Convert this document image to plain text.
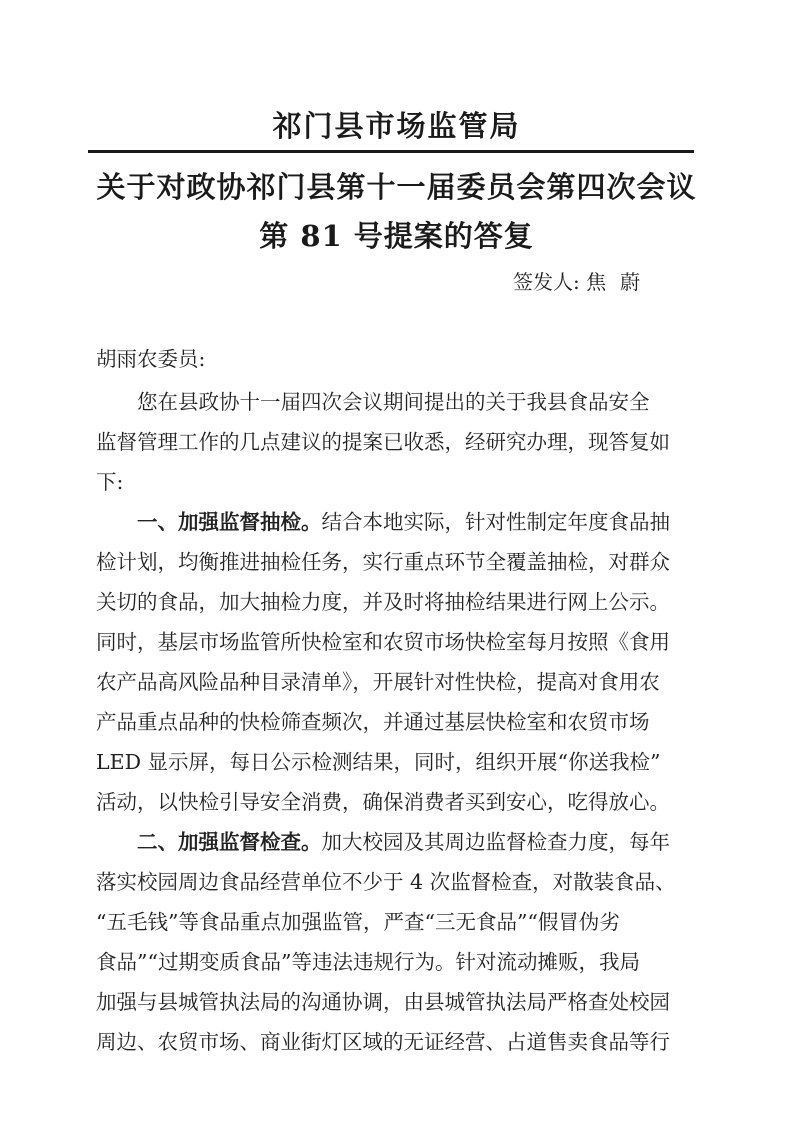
祁门县市场监管局
关于对政协祁门县第十一届委员会第四次会议
第 81 号提案的答复
签发人: 焦蔚
胡雨农委员:
　　您在县政协十一届四次会议期间提出的关于我县食品安全
监督管理工作的几点建议的提案已收悉，经研究办理，现答复如
下:
　　一、加强监督抽检。结合本地实际，针对性制定年度食品抽
检计划，均衡推进抽检任务，实行重点环节全覆盖抽检，对群众
关切的食品，加大抽检力度，并及时将抽检结果进行网上公示。
同时，基层市场监管所快检室和农贸市场快检室每月按照《食用
农产品高风险品种目录清单》，开展针对性快检，提高对食用农
产品重点品种的快检筛查频次，并通过基层快检室和农贸市场
LED 显示屏，每日公示检测结果，同时，组织开展“你送我检”
活动，以快检引导安全消费，确保消费者买到安心，吃得放心。
　　二、加强监督检查。加大校园及其周边监督检查力度，每年
落实校园周边食品经营单位不少于 4 次监督检查，对散装食品、
“五毛钱”等食品重点加强监管，严查“三无食品”“假冒伪劣
食品”“过期变质食品”等违法违规行为。针对流动摊贩，我局
加强与县城管执法局的沟通协调，由县城管执法局严格查处校园
周边、农贸市场、商业街灯区域的无证经营、占道售卖食品等行
